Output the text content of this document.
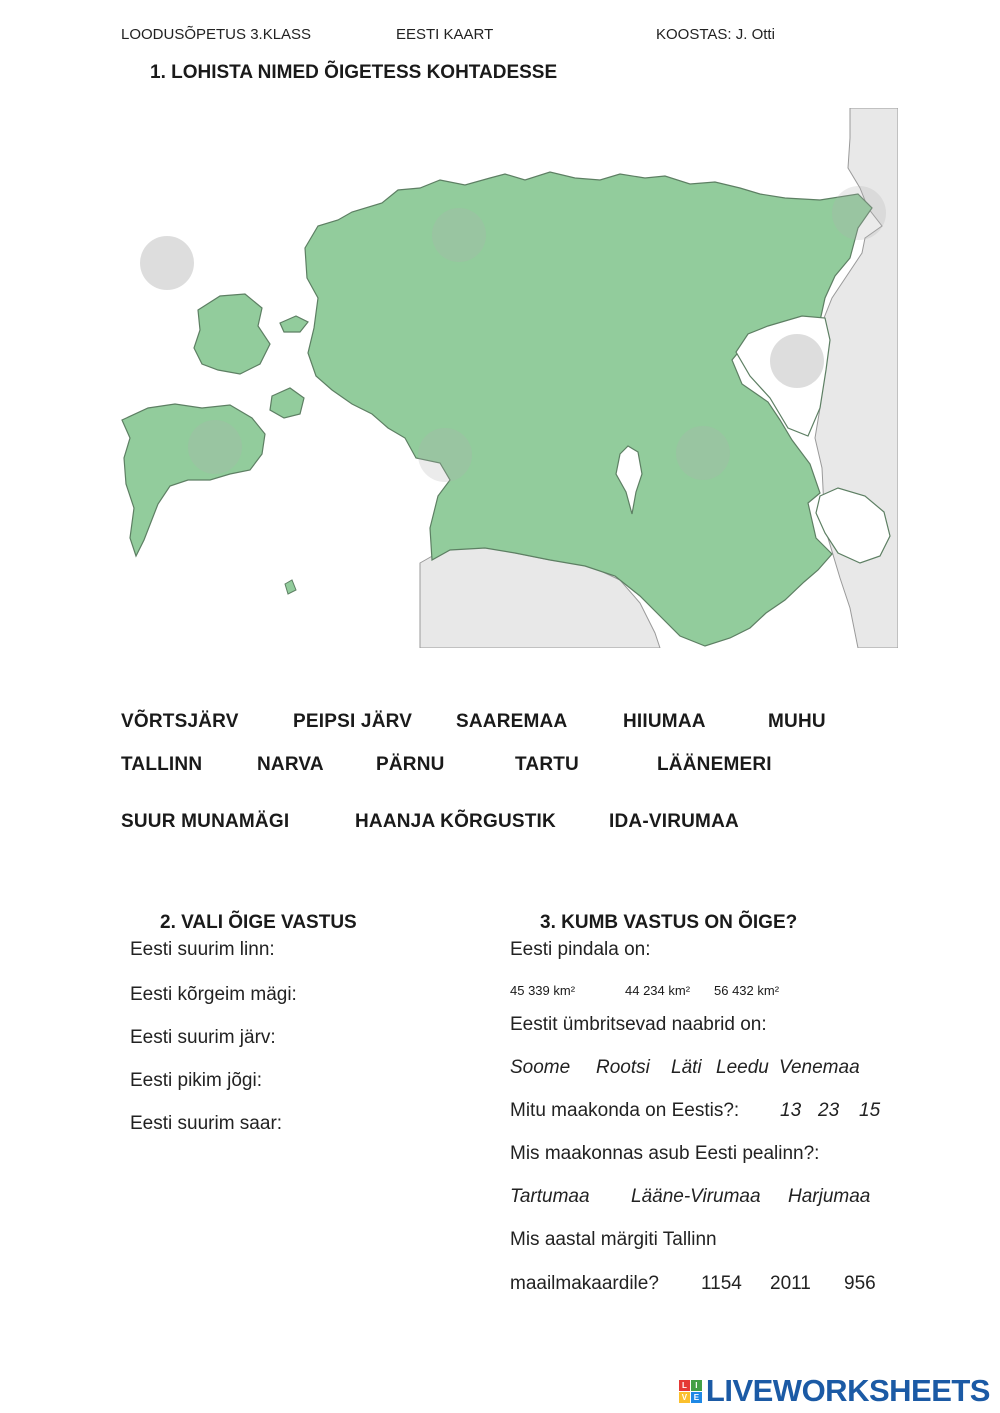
LOODUSÕPETUS 3.KLASS	EESTI KAART	KOOSTAS: J. Otti
1. LOHISTA NIMED ÕIGETESS KOHTADESSE
VÕRTSJÄRV	PEIPSI JÄRV SAAREMAA	HIIUMAA	MUHU
TALLINN	NARVA	PÄRNU	TARTU	LÄÄNEMERI
SUUR MUNAMÄGI	HAANJA KÕRGUSTIK	IDA-VIRUMAA
2. VALI ÕIGE VASTUS
Eesti suurim linn:
Eesti kõrgeim mägi:
Eesti suurim järv:
Eesti pikim jõgi:
Eesti suurim saar:
3. KUMB VASTUS ON ÕIGE?
Eesti pindala on:
45 339 km²	44 234 km² 56 432 km²
Eestit ümbritsevad naabrid on:
Soome Rootsi Läti Leedu Venemaa
Mitu maakonda on Eestis?: 13 23 15
Mis maakonnas asub Eesti pealinn?:
Tartumaa Lääne-Virumaa Harjumaa
Mis aastal märgiti Tallinn
maailmakaardile? 1154 2011 956
L	I
V E LIVEWORKSHEETS
